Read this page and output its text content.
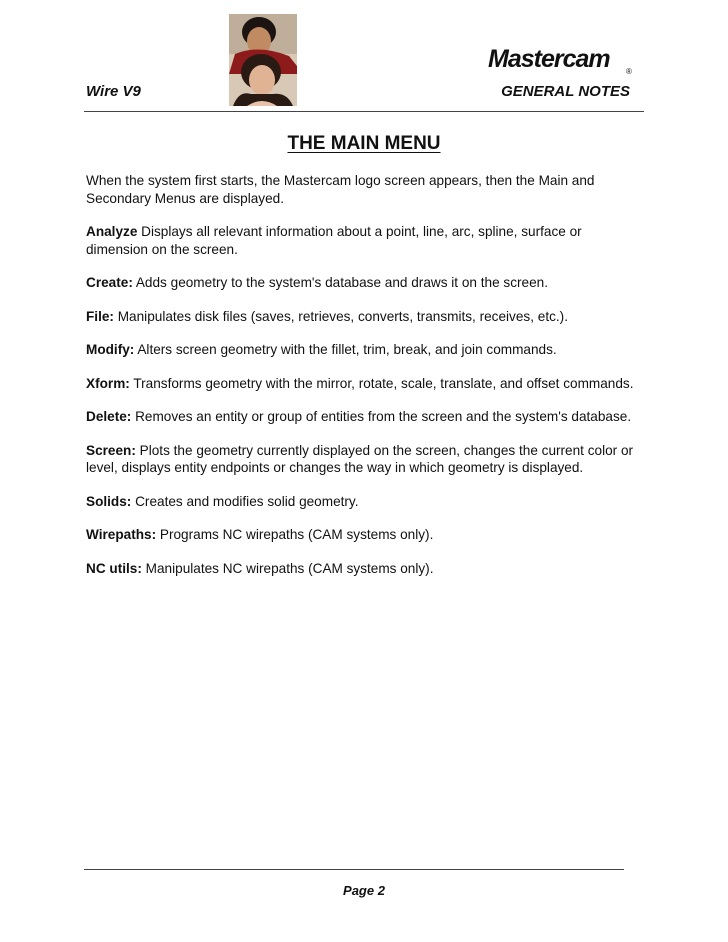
Wire V9
Mastercam ®
GENERAL NOTES
THE MAIN MENU

When the system first starts, the Mastercam logo screen appears, then the Main and Secondary Menus are displayed.

Analyze Displays all relevant information about a point, line, arc, spline, surface or dimension on the screen.

Create: Adds geometry to the system's database and draws it on the screen.

File: Manipulates disk files (saves, retrieves, converts, transmits, receives, etc.).

Modify: Alters screen geometry with the fillet, trim, break, and join commands.

Xform: Transforms geometry with the mirror, rotate, scale, translate, and offset commands.

Delete: Removes an entity or group of entities from the screen and the system's database.

Screen: Plots the geometry currently displayed on the screen, changes the current color or level, displays entity endpoints or changes the way in which geometry is displayed.

Solids: Creates and modifies solid geometry.

Wirepaths: Programs NC wirepaths (CAM systems only).

NC utils: Manipulates NC wirepaths (CAM systems only).

Page 2
